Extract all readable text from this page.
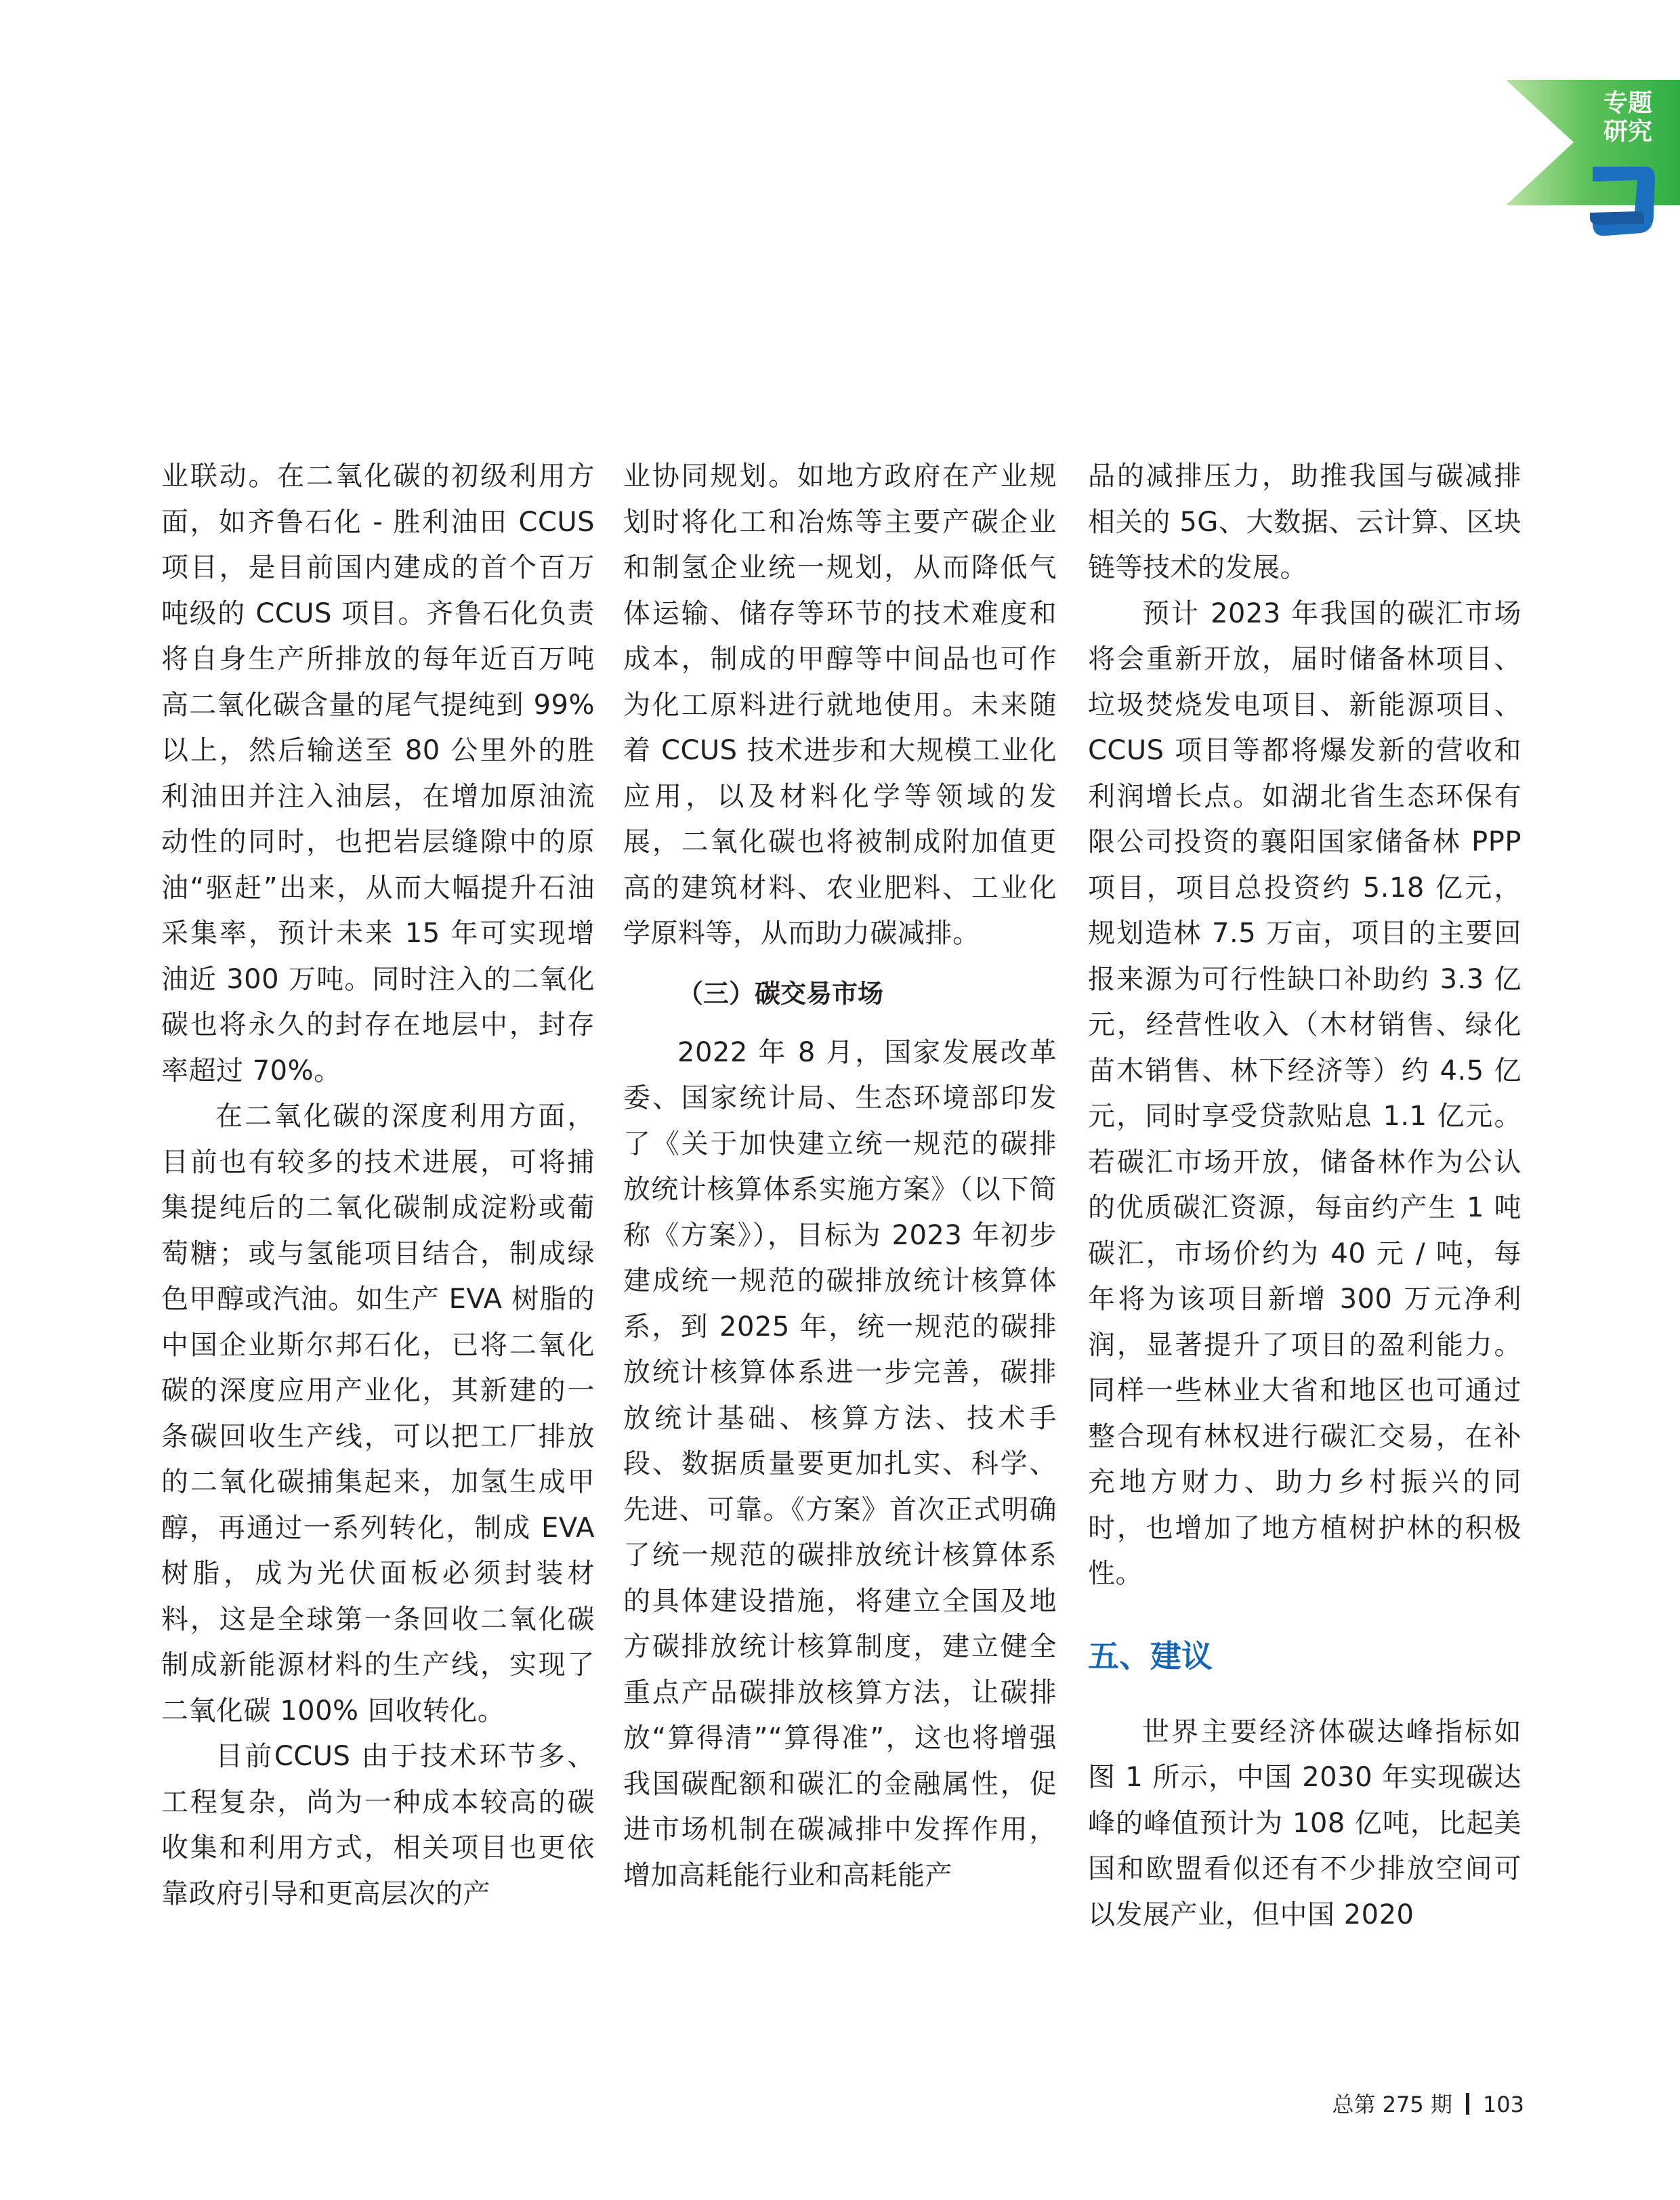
专题
研究

业联动。在二氧化碳的初级利用方面，如齐鲁石化 - 胜利油田 CCUS 项目，是目前国内建成的首个百万吨级的 CCUS 项目。齐鲁石化负责将自身生产所排放的每年近百万吨高二氧化碳含量的尾气提纯到 99% 以上，然后输送至 80 公里外的胜利油田并注入油层，在增加原油流动性的同时，也把岩层缝隙中的原油“驱赶”出来，从而大幅提升石油采集率，预计未来 15 年可实现增油近 300 万吨。同时注入的二氧化碳也将永久的封存在地层中，封存率超过 70%。

在二氧化碳的深度利用方面，目前也有较多的技术进展，可将捕集提纯后的二氧化碳制成淀粉或葡萄糖；或与氢能项目结合，制成绿色甲醇或汽油。如生产 EVA 树脂的中国企业斯尔邦石化，已将二氧化碳的深度应用产业化，其新建的一条碳回收生产线，可以把工厂排放的二氧化碳捕集起来，加氢生成甲醇，再通过一系列转化，制成 EVA 树脂，成为光伏面板必须封装材料，这是全球第一条回收二氧化碳制成新能源材料的生产线，实现了二氧化碳 100% 回收转化。

目前CCUS 由于技术环节多、工程复杂，尚为一种成本较高的碳收集和利用方式，相关项目也更依靠政府引导和更高层次的产

业协同规划。如地方政府在产业规划时将化工和冶炼等主要产碳企业和制氢企业统一规划，从而降低气体运输、储存等环节的技术难度和成本，制成的甲醇等中间品也可作为化工原料进行就地使用。未来随着 CCUS 技术进步和大规模工业化应用，以及材料化学等领域的发展，二氧化碳也将被制成附加值更高的建筑材料、农业肥料、工业化学原料等，从而助力碳减排。

（三）碳交易市场

2022 年 8 月，国家发展改革委、国家统计局、生态环境部印发了《关于加快建立统一规范的碳排放统计核算体系实施方案》（以下简称《方案》），目标为 2023 年初步建成统一规范的碳排放统计核算体系，到 2025 年，统一规范的碳排放统计核算体系进一步完善，碳排放统计基础、核算方法、技术手段、数据质量要更加扎实、科学、先进、可靠。《方案》首次正式明确了统一规范的碳排放统计核算体系的具体建设措施，将建立全国及地方碳排放统计核算制度，建立健全重点产品碳排放核算方法，让碳排放“算得清”“算得准”，这也将增强我国碳配额和碳汇的金融属性，促进市场机制在碳减排中发挥作用，增加高耗能行业和高耗能产

品的减排压力，助推我国与碳减排相关的 5G、大数据、云计算、区块链等技术的发展。

预计 2023 年我国的碳汇市场将会重新开放，届时储备林项目、垃圾焚烧发电项目、新能源项目、CCUS 项目等都将爆发新的营收和利润增长点。如湖北省生态环保有限公司投资的襄阳国家储备林 PPP 项目，项目总投资约 5.18 亿元，规划造林 7.5 万亩，项目的主要回报来源为可行性缺口补助约 3.3 亿元，经营性收入（木材销售、绿化苗木销售、林下经济等）约 4.5 亿元，同时享受贷款贴息 1.1 亿元。若碳汇市场开放，储备林作为公认的优质碳汇资源，每亩约产生 1 吨碳汇，市场价约为 40 元 / 吨，每年将为该项目新增 300 万元净利润，显著提升了项目的盈利能力。同样一些林业大省和地区也可通过整合现有林权进行碳汇交易，在补充地方财力、助力乡村振兴的同时，也增加了地方植树护林的积极性。

五、建议

世界主要经济体碳达峰指标如图 1 所示，中国 2030 年实现碳达峰的峰值预计为 108 亿吨，比起美国和欧盟看似还有不少排放空间可以发展产业，但中国 2020

总第 275 期 103
